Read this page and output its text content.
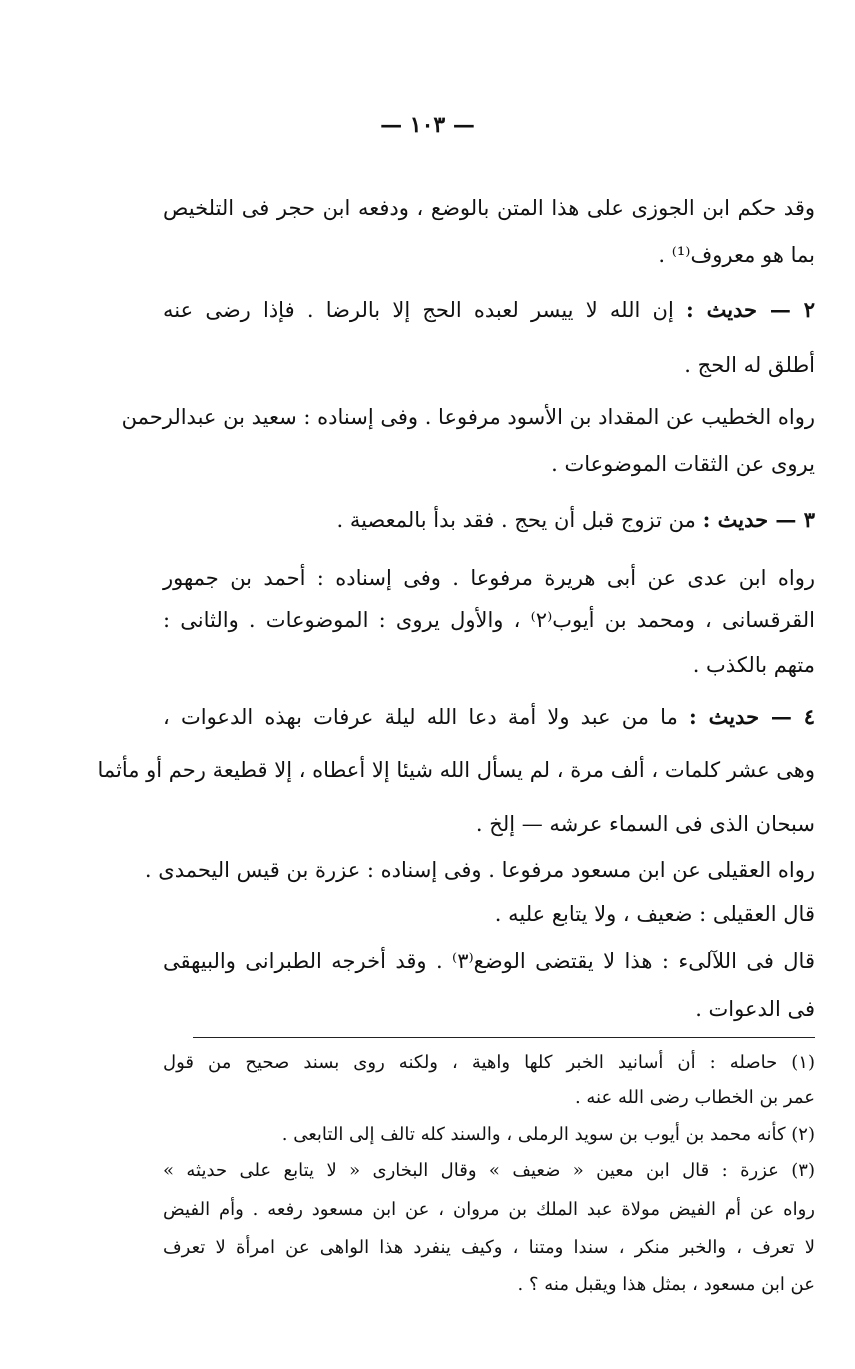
— ١٠٣ —
وقد حكم ابن الجوزى على هذا المتن بالوضع ، ودفعه ابن حجر فى التلخيص
بما هو معروف⁽¹⁾ .
٢ — حديث : إن الله لا ييسر لعبده الحج إلا بالرضا . فإذا رضى عنه
أطلق له الحج .
رواه الخطيب عن المقداد بن الأسود مرفوعا . وفى إسناده : سعيد بن عبدالرحمن
يروى عن الثقات الموضوعات .
٣ — حديث : من تزوج قبل أن يحج . فقد بدأ بالمعصية .
رواه ابن عدى عن أبى هريرة مرفوعا . وفى إسناده : أحمد بن جمهور
القرقسانى ، ومحمد بن أيوب⁽٢⁾ ، والأول يروى : الموضوعات . والثانى :
متهم بالكذب .
٤ — حديث : ما من عبد ولا أمة دعا الله ليلة عرفات بهذه الدعوات ،
وهى عشر كلمات ، ألف مرة ، لم يسأل الله شيئا إلا أعطاه ، إلا قطيعة رحم أو مأثما
سبحان الذى فى السماء عرشه — إلخ .
رواه العقيلى عن ابن مسعود مرفوعا . وفى إسناده : عزرة بن قيس اليحمدى .
قال العقيلى : ضعيف ، ولا يتابع عليه .
قال فى اللآلىء : هذا لا يقتضى الوضع⁽٣⁾ . وقد أخرجه الطبرانى والبيهقى
فى الدعوات .
(١) حاصله : أن أسانيد الخبر كلها واهية ، ولكنه روى بسند صحيح من قول
عمر بن الخطاب رضى الله عنه .
(٢) كأنه محمد بن أيوب بن سويد الرملى ، والسند كله تالف إلى التابعى .
(٣) عزرة : قال ابن معين « ضعيف » وقال البخارى « لا يتابع على حديثه »
رواه عن أم الفيض مولاة عبد الملك بن مروان ، عن ابن مسعود رفعه . وأم الفيض
لا تعرف ، والخبر منكر ، سندا ومتنا ، وكيف ينفرد هذا الواهى عن امرأة لا تعرف
عن ابن مسعود ، بمثل هذا ويقبل منه ؟ .
